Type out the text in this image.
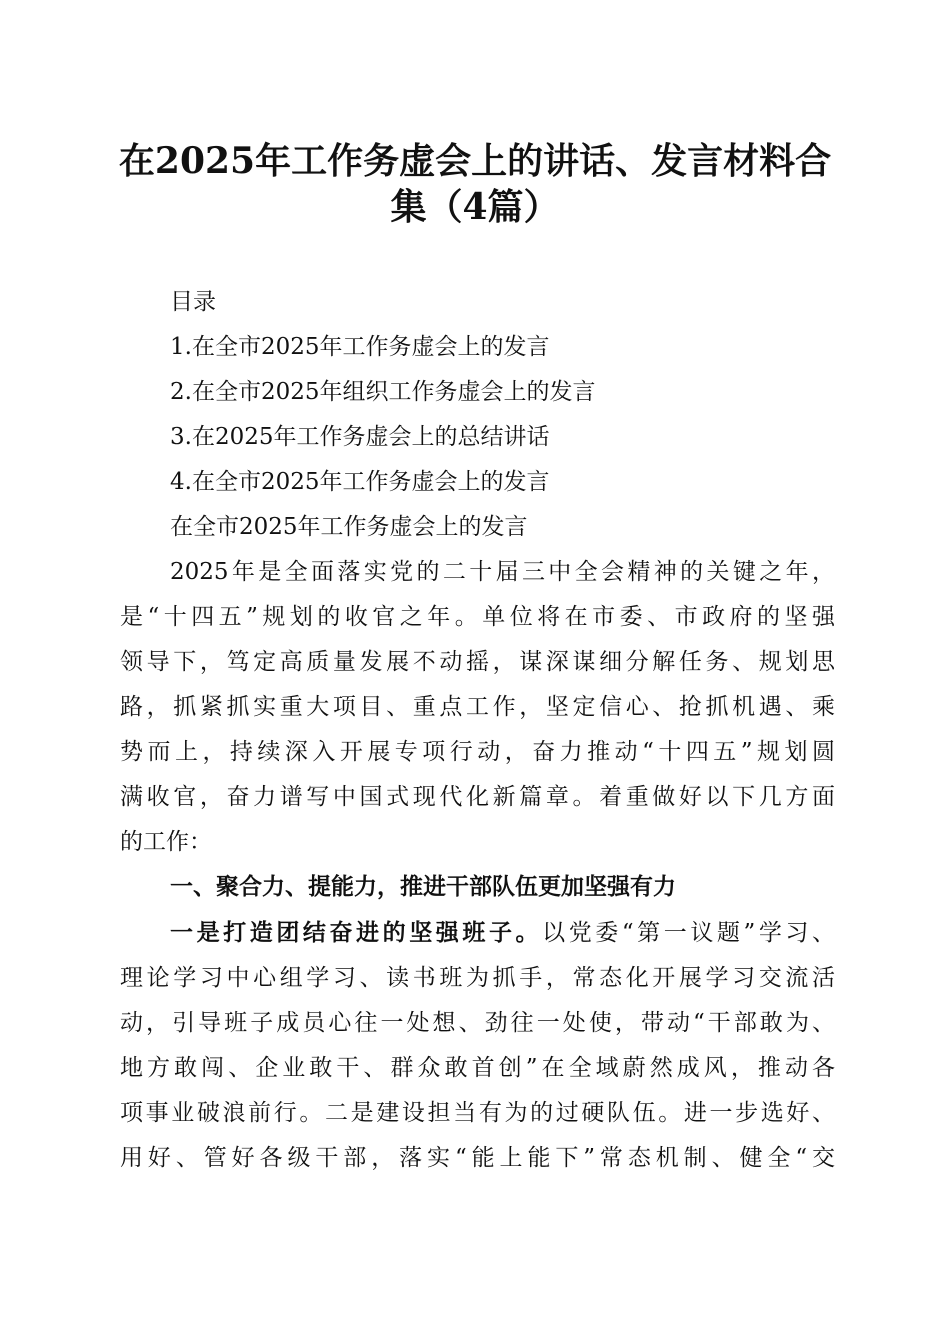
在2025年工作务虚会上的讲话、发言材料合
集（4篇）
目录
1.在全市2025年工作务虚会上的发言
2.在全市2025年组织工作务虚会上的发言
3.在2025年工作务虚会上的总结讲话
4.在全市2025年工作务虚会上的发言
在全市2025年工作务虚会上的发言
2025年是全面落实党的二十届三中全会精神的关键之年，
是“十四五”规划的收官之年。单位将在市委、市政府的坚强
领导下，笃定高质量发展不动摇，谋深谋细分解任务、规划思
路，抓紧抓实重大项目、重点工作，坚定信心、抢抓机遇、乘
势而上，持续深入开展专项行动，奋力推动“十四五”规划圆
满收官，奋力谱写中国式现代化新篇章。着重做好以下几方面
的工作：
一、聚合力、提能力，推进干部队伍更加坚强有力
一是打造团结奋进的坚强班子。以党委“第一议题”学习、
理论学习中心组学习、读书班为抓手，常态化开展学习交流活
动，引导班子成员心往一处想、劲往一处使，带动“干部敢为、
地方敢闯、企业敢干、群众敢首创”在全域蔚然成风，推动各
项事业破浪前行。二是建设担当有为的过硬队伍。进一步选好、
用好、管好各级干部，落实“能上能下”常态机制、健全“交
